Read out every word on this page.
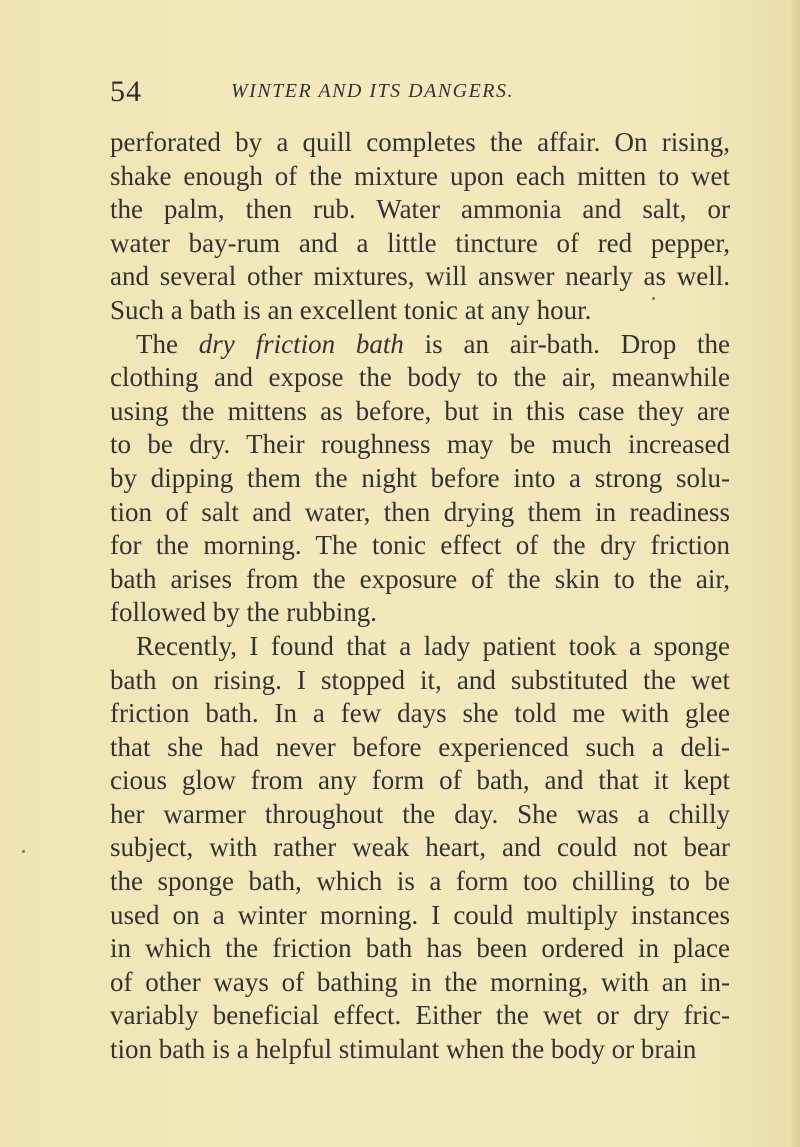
54	WINTER AND ITS DANGERS.
perforated by a quill completes the affair. On rising,
shake enough of the mixture upon each mitten to wet
the palm, then rub. Water ammonia and salt, or
water bay-rum and a little tincture of red pepper,
and several other mixtures, will answer nearly as well.
Such a bath is an excellent tonic at any hour.
The dry friction bath is an air-bath. Drop the
clothing and expose the body to the air, meanwhile
using the mittens as before, but in this case they are
to be dry. Their roughness may be much increased
by dipping them the night before into a strong solu-
tion of salt and water, then drying them in readiness
for the morning. The tonic effect of the dry friction
bath arises from the exposure of the skin to the air,
followed by the rubbing.
Recently, I found that a lady patient took a sponge
bath on rising. I stopped it, and substituted the wet
friction bath. In a few days she told me with glee
that she had never before experienced such a deli-
cious glow from any form of bath, and that it kept
her warmer throughout the day. She was a chilly
subject, with rather weak heart, and could not bear
the sponge bath, which is a form too chilling to be
used on a winter morning. I could multiply instances
in which the friction bath has been ordered in place
of other ways of bathing in the morning, with an in-
variably beneficial effect. Either the wet or dry fric-
tion bath is a helpful stimulant when the body or brain
